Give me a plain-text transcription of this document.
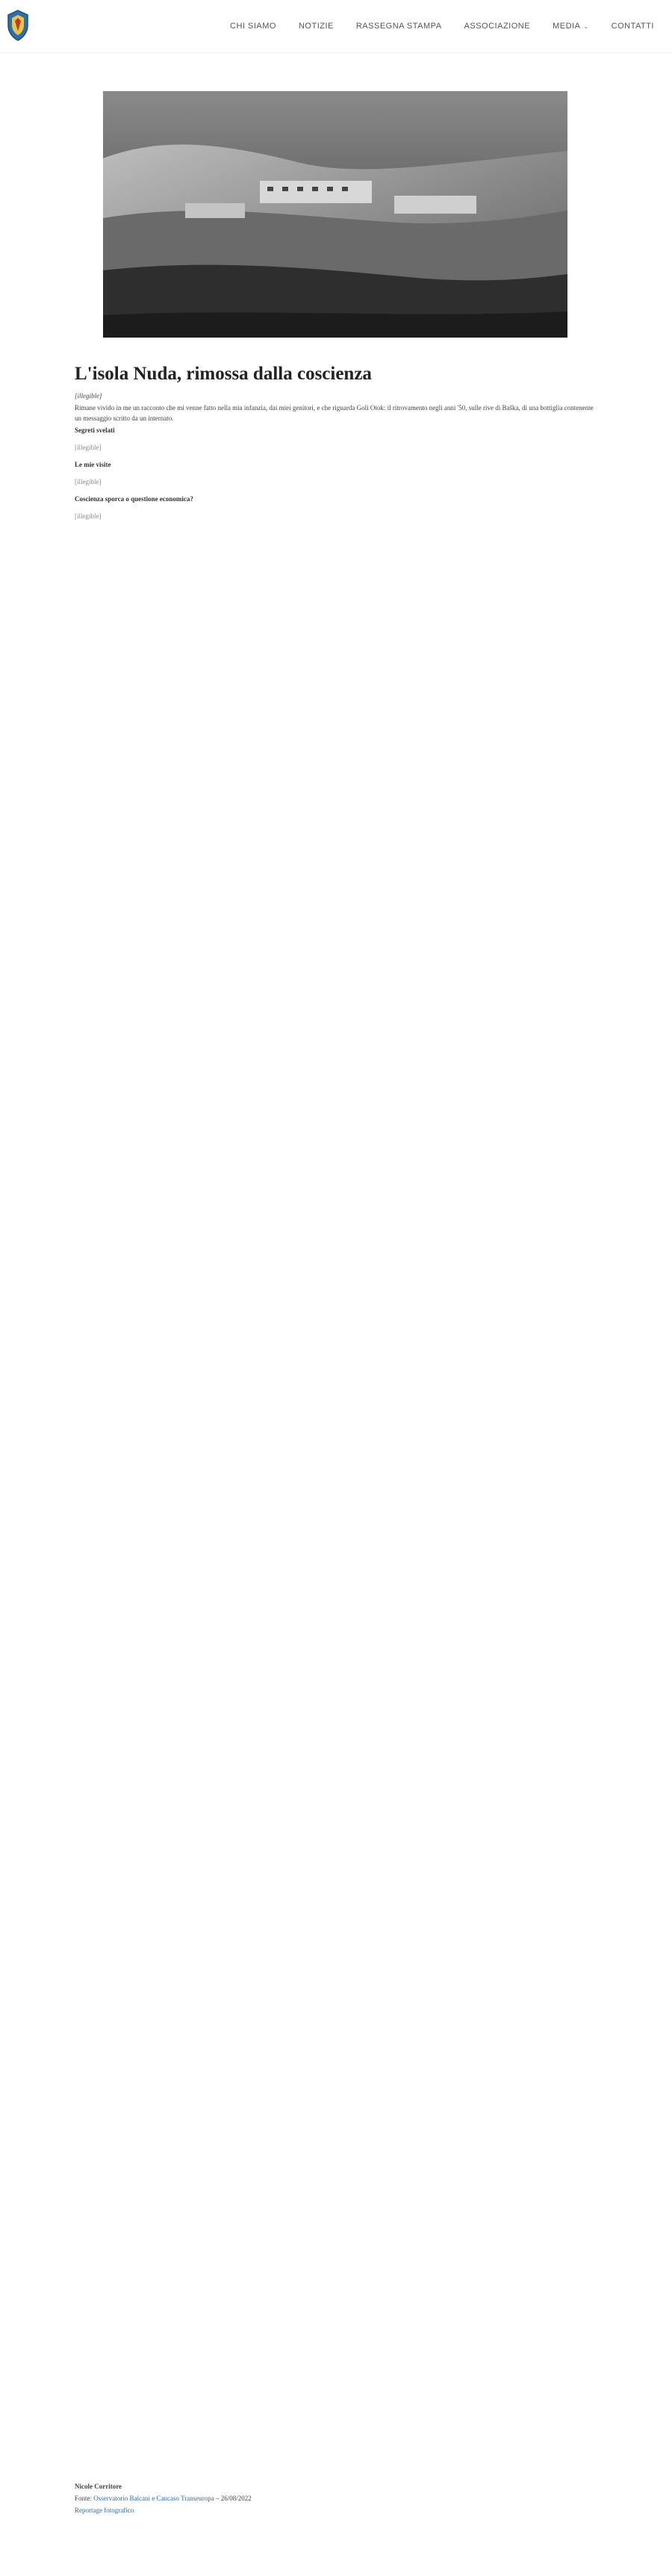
CHI SIAMO	NOTIZIE	RASSEGNA STAMPA	ASSOCIAZIONE	MEDIA ⌄	CONTATTI
L'isola Nuda, rimossa dalla coscienza

[illegible]

Rimane vivido in me un racconto che mi venne fatto nella mia infanzia, dai miei genitori, e che riguarda Goli Otok: il ritrovamento negli anni '50, sulle rive di Baška, di una bottiglia contenente un messaggio scritto da un internato.

Segreti svelati

[illegible]

Le mie visite

[illegible]

Coscienza sporca o questione economica?

[illegible]

Nicole Corritore
Fonte: Osservatorio Balcani e Caucaso Transeuropa – 26/08/2022
Reportage fotografico
